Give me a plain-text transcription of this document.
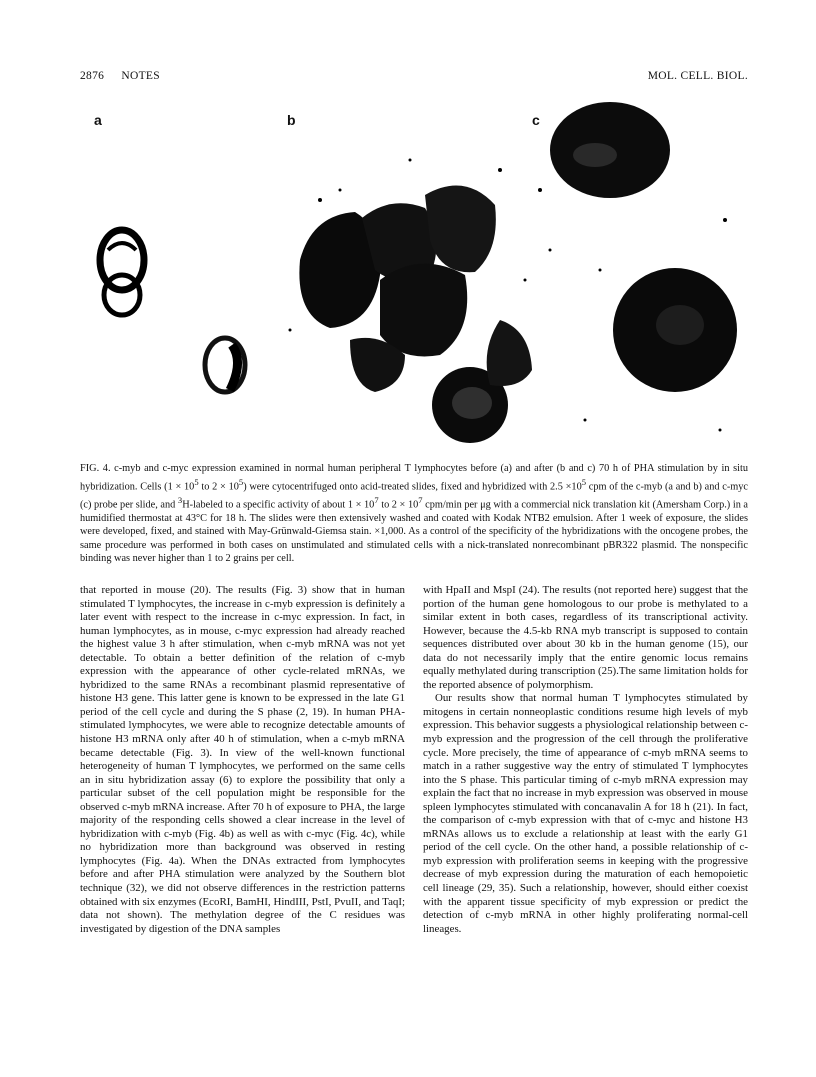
2876 NOTES	MOL. CELL. BIOL.
a	b	c
FIG. 4. c-myb and c-myc expression examined in normal human peripheral T lymphocytes before (a) and after (b and c) 70 h of PHA stimulation by in situ hybridization. Cells ($1 \times 10^5$ to $2 \times 10^5$) were cytocentrifuged onto acid-treated slides, fixed and hybridized with $2.5 \times 10^5$ cpm of the c-myb (a and b) and c-myc (c) probe per slide, and $^3$H-labeled to a specific activity of about $1 \times 10^7$ to $2 \times 10^7$ cpm/min per μg with a commercial nick translation kit (Amersham Corp.) in a humidified thermostat at 43°C for 18 h. The slides were then extensively washed and coated with Kodak NTB2 emulsion. After 1 week of exposure, the slides were developed, fixed, and stained with May-Grünwald-Giemsa stain. ×1,000. As a control of the specificity of the hybridizations with the oncogene probes, the same procedure was performed in both cases on unstimulated and stimulated cells with a nick-translated nonrecombinant pBR322 plasmid. The nonspecific binding was never higher than 1 to 2 grains per cell.

that reported in mouse (20). The results (Fig. 3) show that in human stimulated T lymphocytes, the increase in c-myb expression is definitely a later event with respect to the increase in c-myc expression. In fact, in human lymphocytes, as in mouse, c-myc expression had already reached the highest value 3 h after stimulation, when c-myb mRNA was not yet detectable. To obtain a better definition of the relation of c-myb expression with the appearance of other cycle-related mRNAs, we hybridized to the same RNAs a recombinant plasmid representative of histone H3 gene. This latter gene is known to be expressed in the late G1 period of the cell cycle and during the S phase (2, 19). In human PHA-stimulated lymphocytes, we were able to recognize detectable amounts of histone H3 mRNA only after 40 h of stimulation, when a c-myb mRNA became detectable (Fig. 3). In view of the well-known functional heterogeneity of human T lymphocytes, we performed on the same cells an in situ hybridization assay (6) to explore the possibility that only a particular subset of the cell population might be responsible for the observed c-myb mRNA increase. After 70 h of exposure to PHA, the large majority of the responding cells showed a clear increase in the level of hybridization with c-myb (Fig. 4b) as well as with c-myc (Fig. 4c), while no hybridization more than background was observed in resting lymphocytes (Fig. 4a). When the DNAs extracted from lymphocytes before and after PHA stimulation were analyzed by the Southern blot technique (32), we did not observe differences in the restriction patterns obtained with six enzymes (EcoRI, BamHI, HindIII, PstI, PvuII, and TaqI; data not shown). The methylation degree of the C residues was investigated by digestion of the DNA samples

with HpaII and MspI (24). The results (not reported here) suggest that the portion of the human gene homologous to our probe is methylated to a similar extent in both cases, regardless of its transcriptional activity. However, because the 4.5-kb RNA myb transcript is supposed to contain sequences distributed over about 30 kb in the human genome (15), our data do not necessarily imply that the entire genomic locus remains equally methylated during transcription (25).The same limitation holds for the reported absence of polymorphism.

Our results show that normal human T lymphocytes stimulated by mitogens in certain nonneoplastic conditions resume high levels of myb expression. This behavior suggests a physiological relationship between c-myb expression and the progression of the cell through the proliferative cycle. More precisely, the time of appearance of c-myb mRNA seems to match in a rather suggestive way the entry of stimulated T lymphocytes into the S phase. This particular timing of c-myb mRNA expression may explain the fact that no increase in myb expression was observed in mouse spleen lymphocytes stimulated with concanavalin A for 18 h (21). In fact, the comparison of c-myb expression with that of c-myc and histone H3 mRNAs allows us to exclude a relationship at least with the early G1 period of the cell cycle. On the other hand, a possible relationship of c-myb expression with proliferation seems in keeping with the progressive decrease of myb expression during the maturation of each hemopoietic cell lineage (29, 35). Such a relationship, however, should either coexist with the apparent tissue specificity of myb expression or predict the detection of c-myb mRNA in other highly proliferating normal-cell lineages.
